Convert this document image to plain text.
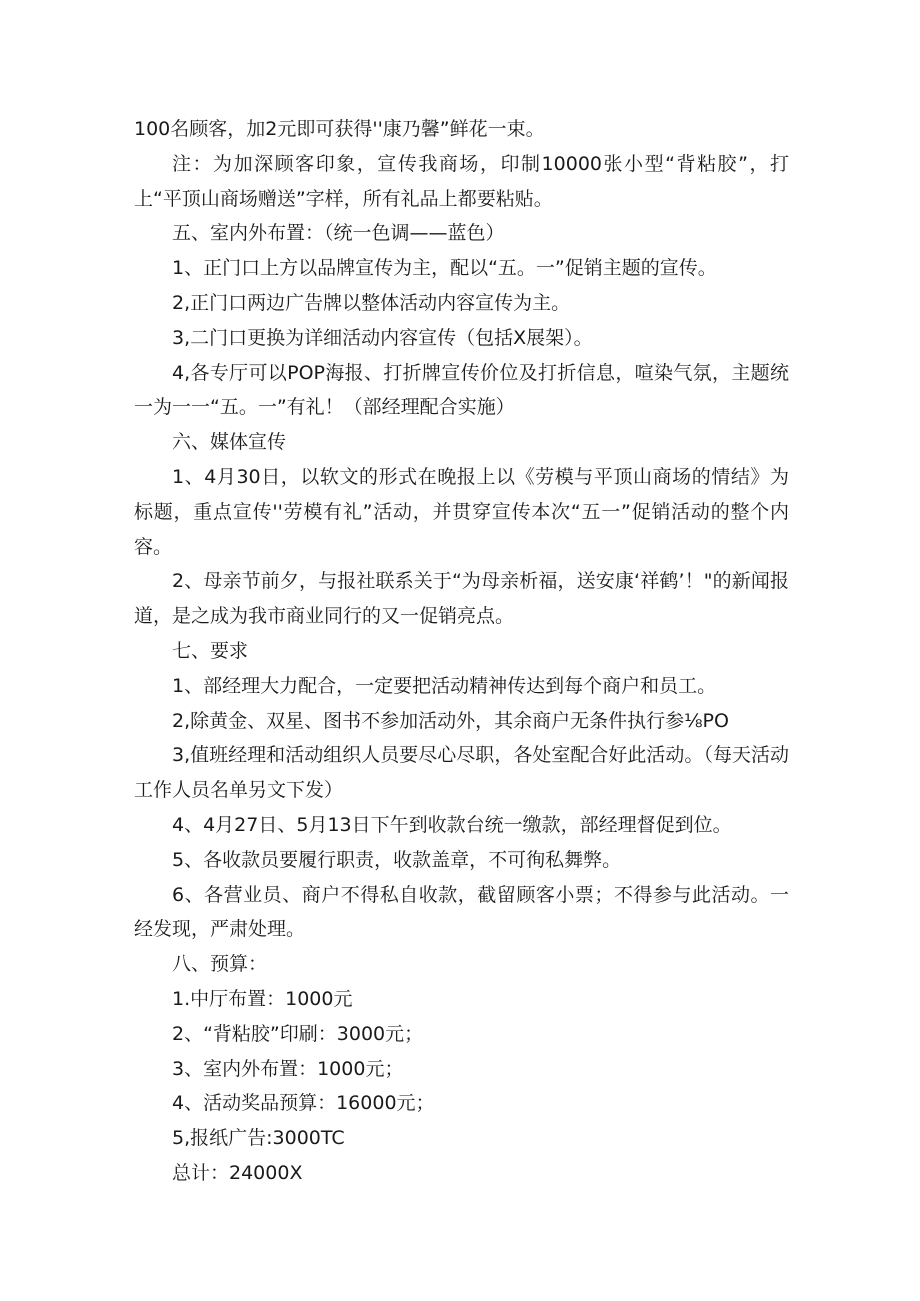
100名顾客，加2元即可获得''康乃馨”鲜花一束。

注：为加深顾客印象，宣传我商场，印制10000张小型“背粘胶”，打上“平顶山商场赠送”字样，所有礼品上都要粘贴。

五、室内外布置：（统一色调——蓝色）

1、正门口上方以品牌宣传为主，配以“五。一”促销主题的宣传。

2,正门口两边广告牌以整体活动内容宣传为主。

3,二门口更换为详细活动内容宣传（包括X展架）。

4,各专厅可以POP海报、打折牌宣传价位及打折信息，喧染气氛，主题统一为一一“五。一”有礼！（部经理配合实施）

六、媒体宣传

1、4月30日，以软文的形式在晚报上以《劳模与平顶山商场的情结》为标题，重点宣传''劳模有礼”活动，并贯穿宣传本次“五一”促销活动的整个内容。

2、母亲节前夕，与报社联系关于“为母亲析福，送安康‘祥鹤’！"的新闻报道，是之成为我市商业同行的又一促销亮点。

七、要求

1、部经理大力配合，一定要把活动精神传达到每个商户和员工。

2,除黄金、双星、图书不参加活动外，其余商户无条件执行参⅛PO

3,值班经理和活动组织人员要尽心尽职，各处室配合好此活动。（每天活动工作人员名单另文下发）

4、4月27日、5月13日下午到收款台统一缴款，部经理督促到位。

5、各收款员要履行职责，收款盖章，不可徇私舞弊。

6、各营业员、商户不得私自收款，截留顾客小票；不得参与此活动。一经发现，严肃处理。

八、预算：

1.中厅布置：1000元

2、“背粘胶”印刷：3000元；

3、室内外布置：1000元；

4、活动奖品预算：16000元；

5,报纸广告:3000TC

总计：24000X
